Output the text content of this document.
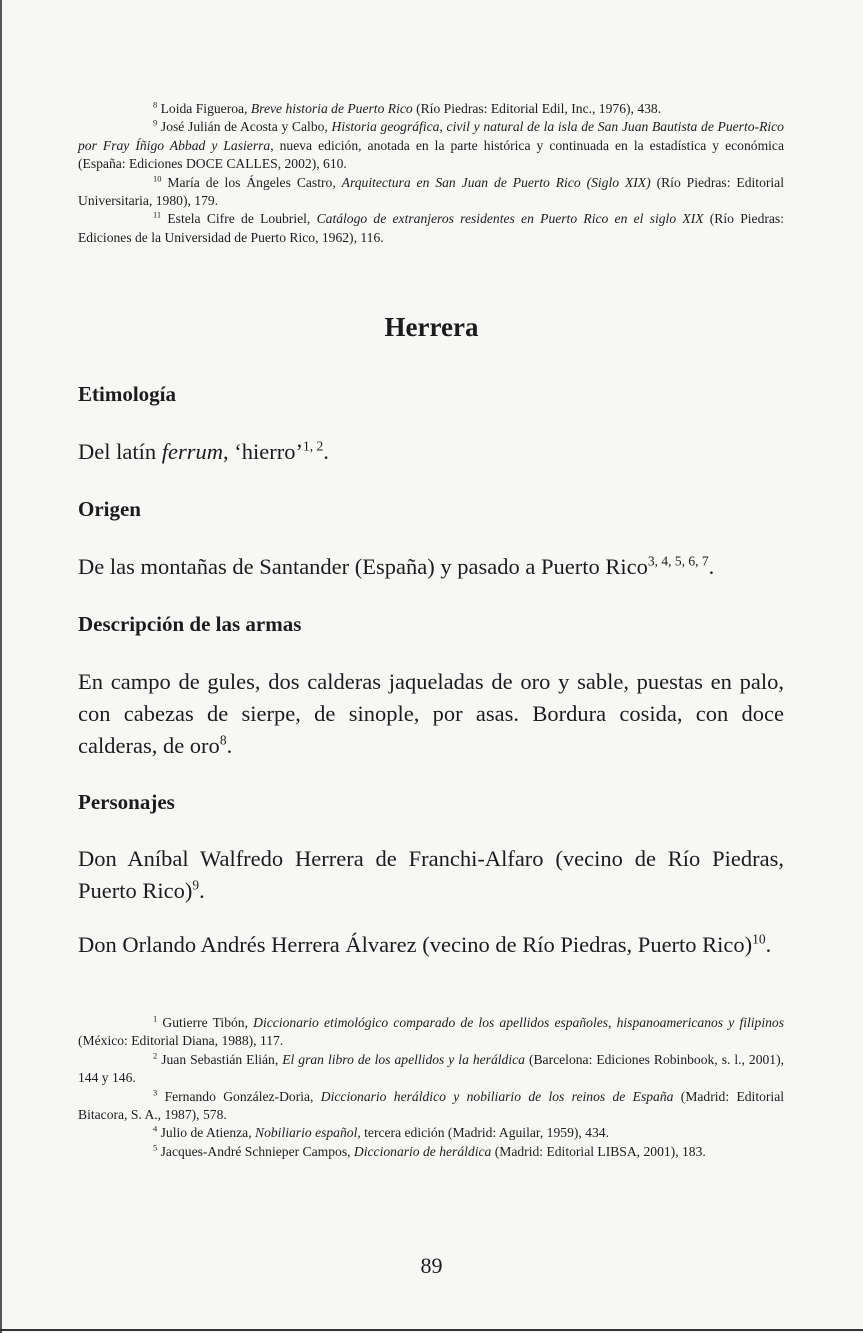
$^8$ Loida Figueroa, Breve historia de Puerto Rico (Río Piedras: Editorial Edil, Inc., 1976), 438.

$^9$ José Julián de Acosta y Calbo, Historia geográfica, civil y natural de la isla de San Juan Bautista de Puerto-Rico por Fray Íñigo Abbad y Lasierra, nueva edición, anotada en la parte histórica y continuada en la estadística y económica (España: Ediciones DOCE CALLES, 2002), 610.

$^{10}$ María de los Ángeles Castro, Arquitectura en San Juan de Puerto Rico (Siglo XIX) (Río Piedras: Editorial Universitaria, 1980), 179.

$^{11}$ Estela Cifre de Loubriel, Catálogo de extranjeros residentes en Puerto Rico en el siglo XIX (Río Piedras: Ediciones de la Universidad de Puerto Rico, 1962), 116.

Herrera
Etimología

Del latín ferrum, ‘hierro’$^{1, 2}$.

Origen

De las montañas de Santander (España) y pasado a Puerto Rico$^{3, 4, 5, 6, 7}$.

Descripción de las armas

En campo de gules, dos calderas jaqueladas de oro y sable, puestas en palo, con cabezas de sierpe, de sinople, por asas. Bordura cosida, con doce calderas, de oro$^8$.

Personajes

Don Aníbal Walfredo Herrera de Franchi-Alfaro (vecino de Río Piedras, Puerto Rico)$^9$.

Don Orlando Andrés Herrera Álvarez (vecino de Río Piedras, Puerto Rico)$^{10}$.

$^1$ Gutierre Tibón, Diccionario etimológico comparado de los apellidos españoles, hispanoamericanos y filipinos (México: Editorial Diana, 1988), 117.

$^2$ Juan Sebastián Elián, El gran libro de los apellidos y la heráldica (Barcelona: Ediciones Robinbook, s. l., 2001), 144 y 146.

$^3$ Fernando González-Doria, Diccionario heráldico y nobiliario de los reinos de España (Madrid: Editorial Bitacora, S. A., 1987), 578.

$^4$ Julio de Atienza, Nobiliario español, tercera edición (Madrid: Aguilar, 1959), 434.

$^5$ Jacques-André Schnieper Campos, Diccionario de heráldica (Madrid: Editorial LIBSA, 2001), 183.

89
